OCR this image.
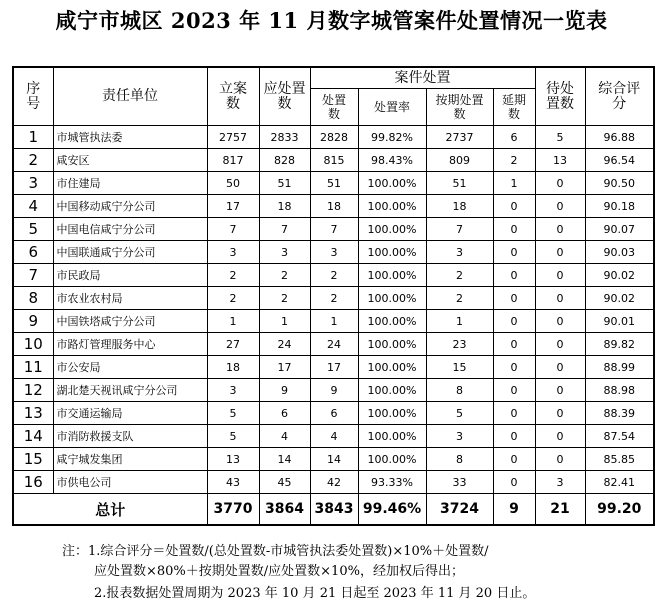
咸宁市城区 2023 年 11 月数字城管案件处置情况一览表
序号	责任单位	立案数	应处置数	案件处置				待处置数	综合评分
				处置数	处置率	按期处置数	延期数		
1	市城管执法委	2757	2833	2828	99.82%	2737	6	5	96.88
2	咸安区	817	828	815	98.43%	809	2	13	96.54
3	市住建局	50	51	51	100.00%	51	1	0	90.50
4	中国移动咸宁分公司	17	18	18	100.00%	18	0	0	90.18
5	中国电信咸宁分公司	7	7	7	100.00%	7	0	0	90.07
6	中国联通咸宁分公司	3	3	3	100.00%	3	0	0	90.03
7	市民政局	2	2	2	100.00%	2	0	0	90.02
8	市农业农村局	2	2	2	100.00%	2	0	0	90.02
9	中国铁塔咸宁分公司	1	1	1	100.00%	1	0	0	90.01
10	市路灯管理服务中心	27	24	24	100.00%	23	0	0	89.82
11	市公安局	18	17	17	100.00%	15	0	0	88.99
12	湖北楚天视讯咸宁分公司	3	9	9	100.00%	8	0	0	88.98
13	市交通运输局	5	6	6	100.00%	5	0	0	88.39
14	市消防救援支队	5	4	4	100.00%	3	0	0	87.54
15	咸宁城发集团	13	14	14	100.00%	8	0	0	85.85
16	市供电公司	43	45	42	93.33%	33	0	3	82.41
总计		3770	3864	3843	99.46%	3724	9	21	99.20
注：1.综合评分＝处置数/(总处置数-市城管执法委处置数)×10%＋处置数/
应处置数×80%＋按期处置数/应处置数×10%，经加权后得出；
2.报表数据处置周期为 2023 年 10 月 21 日起至 2023 年 11 月 20 日止。
